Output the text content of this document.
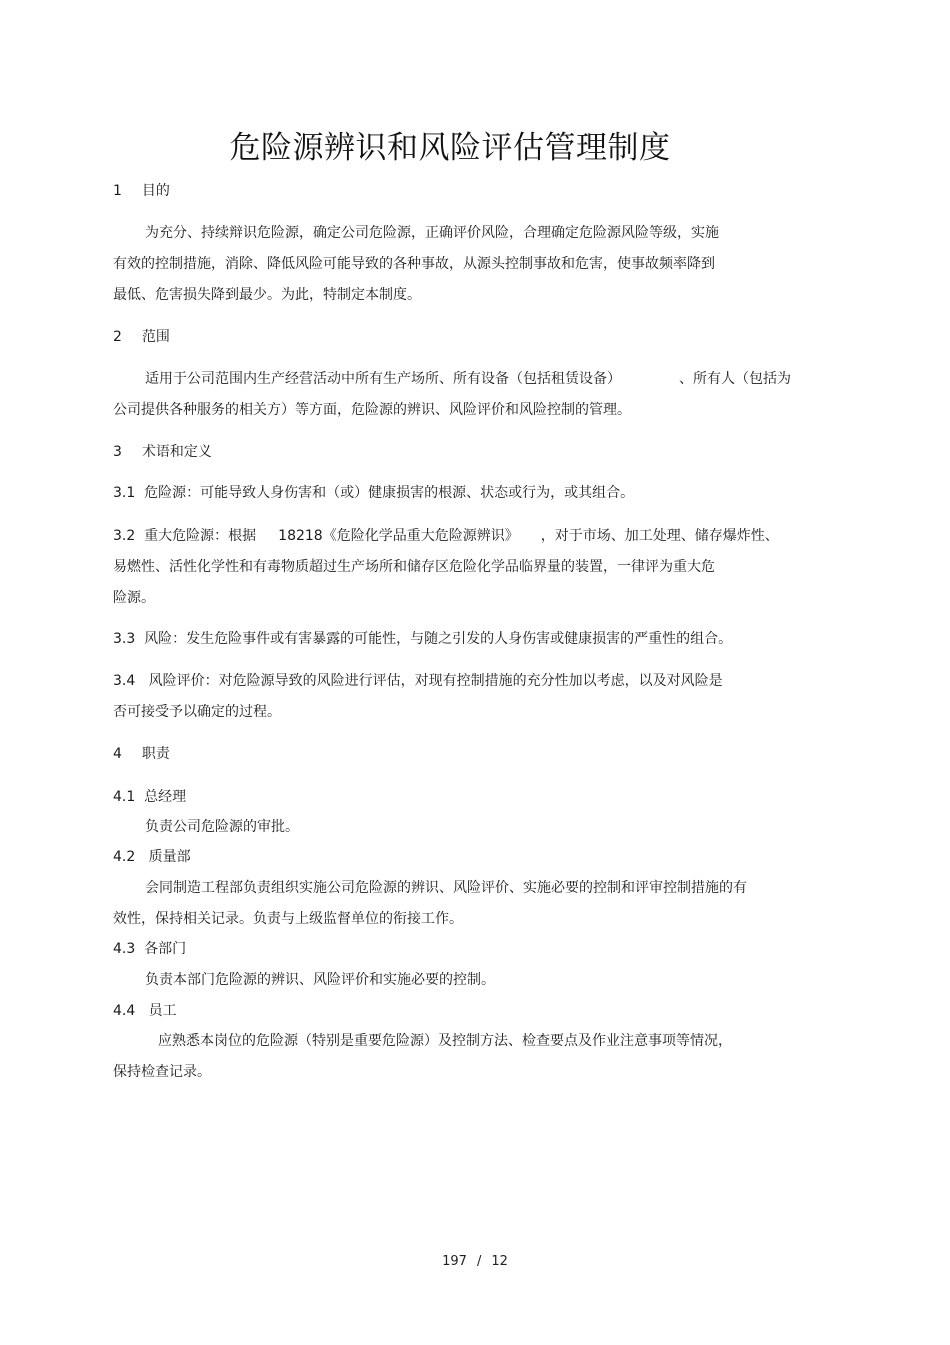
危险源辨识和风险评估管理制度
1 目的
为充分、持续辩识危险源，确定公司危险源，正确评价风险，合理确定危险源风险等级，实施
有效的控制措施，消除、降低风险可能导致的各种事故，从源头控制事故和危害，使事故频率降到
最低、危害损失降到最少。为此，特制定本制度。
2 范围
适用于公司范围内生产经营活动中所有生产场所、所有设备（包括租赁设备）	、所有人（包括为
公司提供各种服务的相关方）等方面，危险源的辨识、风险评价和风险控制的管理。
3 术语和定义
3.1  危险源：可能导致人身伤害和（或）健康损害的根源、状态或行为，或其组合。
3.2  重大危险源：根据 18218《危险化学品重大危险源辨识》 ，对于市场、加工处理、储存爆炸性、
易燃性、活性化学性和有毒物质超过生产场所和储存区危险化学品临界量的装置，一律评为重大危
险源。
3.3  风险：发生危险事件或有害暴露的可能性，与随之引发的人身伤害或健康损害的严重性的组合。
3.4   风险评价：对危险源导致的风险进行评估，对现有控制措施的充分性加以考虑，以及对风险是
否可接受予以确定的过程。
4 职责
4.1  总经理
负责公司危险源的审批。
4.2   质量部
会同制造工程部负责组织实施公司危险源的辨识、风险评价、实施必要的控制和评审控制措施的有
效性，保持相关记录。负责与上级监督单位的衔接工作。
4.3  各部门
负责本部门危险源的辨识、风险评价和实施必要的控制。
4.4   员工
应熟悉本岗位的危险源（特别是重要危险源）及控制方法、检查要点及作业注意事项等情况，
保持检查记录。
197 / 12
